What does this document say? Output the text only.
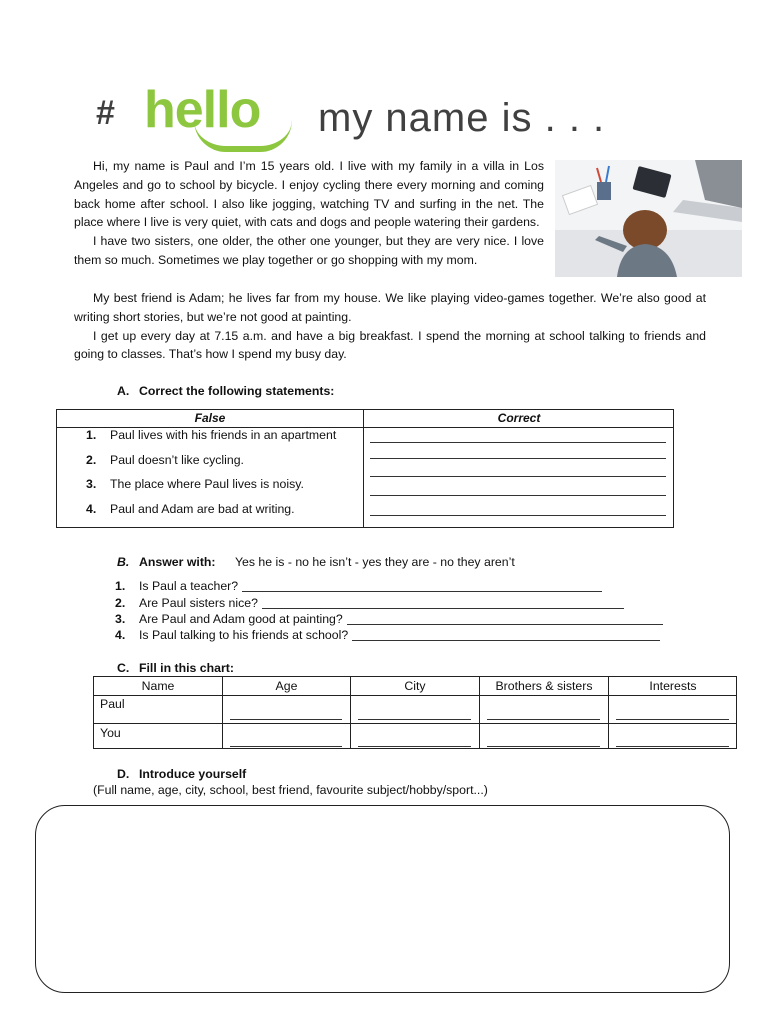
# hello my name is . . .

Hi, my name is Paul and I’m 15 years old. I live with my family in a villa in Los Angeles and go to school by bicycle. I enjoy cycling there every morning and coming back home after school. I also like jogging, watching TV and surfing in the net. The place where I live is very quiet, with cats and dogs and people watering their gardens.

I have two sisters, one older, the other one younger, but they are very nice. I love them so much. Sometimes we play together or go shopping with my mom.

My best friend is Adam; he lives far from my house. We like playing video-games together. We’re also good at writing short stories, but we’re not good at painting.

I get up every day at 7.15 a.m. and have a big breakfast. I spend the morning at school talking to friends and going to classes. That’s how I spend my busy day.

A. Correct the following statements:
False	Correct
1. Paul lives with his friends in an apartment
2. Paul doesn’t like cycling.
3. The place where Paul lives is noisy.
4. Paul and Adam are bad at writing.
B. Answer with: Yes he is - no he isn’t - yes they are - no they aren’t
1. Is Paul a teacher?
2. Are Paul sisters nice?
3. Are Paul and Adam good at painting?
4. Is Paul talking to his friends at school?
C. Fill in this chart:
Name	Age	City	Brothers & sisters	Interests
Paul
You
D. Introduce yourself
(Full name, age, city, school, best friend, favourite subject/hobby/sport...)
